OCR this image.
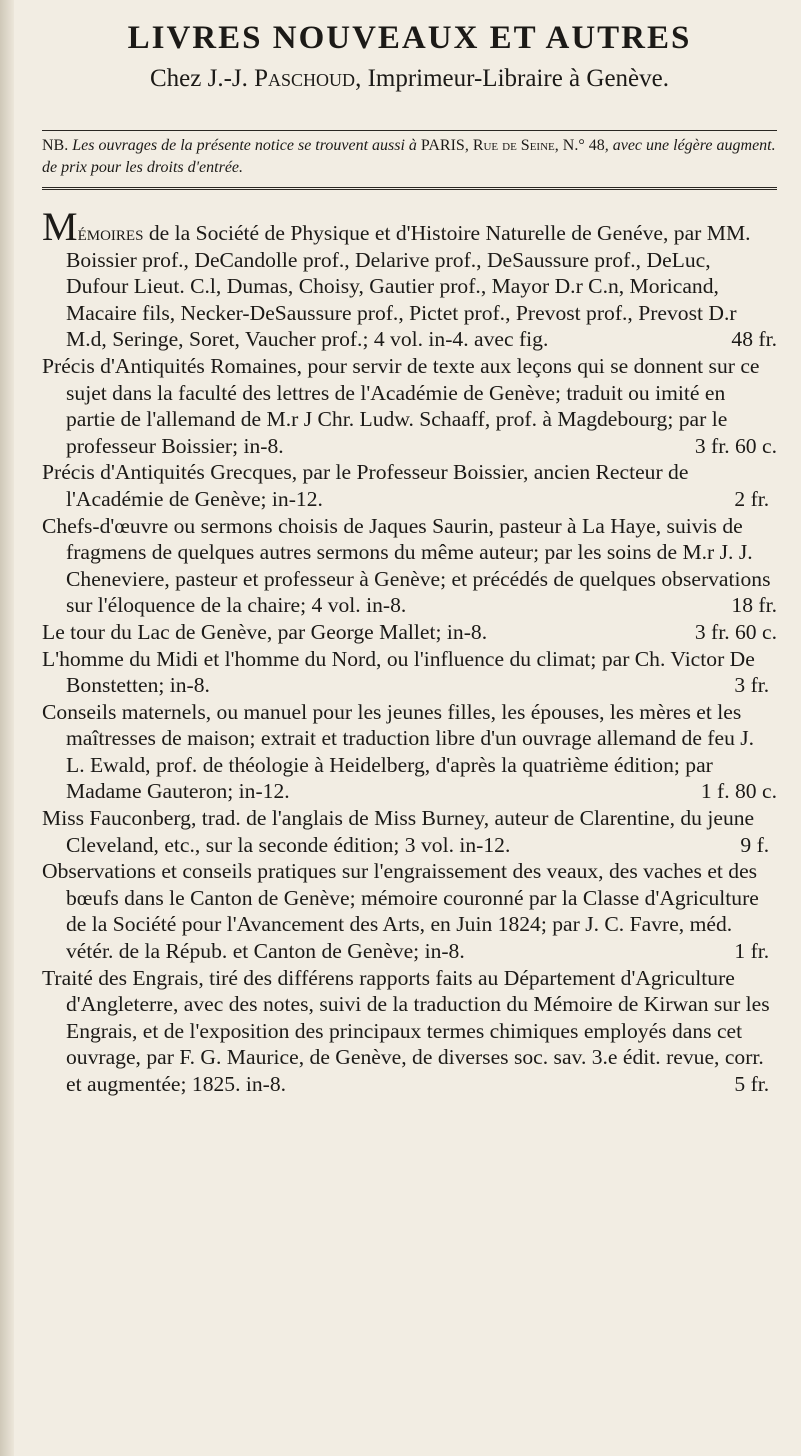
LIVRES NOUVEAUX ET AUTRES
Chez J.-J. Paschoud, Imprimeur-Libraire à Genève.
NB. Les ouvrages de la présente notice se trouvent aussi à PARIS, Rue de Seine, N.° 48, avec une légère augment. de prix pour les droits d'entrée.

Mémoires de la Société de Physique et d'Histoire Naturelle de Genéve, par MM. Boissier prof., DeCandolle prof., Delarive prof., DeSaussure prof., DeLuc, Dufour Lieut. C.l, Dumas, Choisy, Gautier prof., Mayor D.r C.n, Moricand, Macaire fils, Necker-DeSaussure prof., Pictet prof., Prevost prof., Prevost D.r M.d, Seringe, Soret, Vaucher prof.; 4 vol. in-4. avec fig.	48 fr.

Précis d'Antiquités Romaines, pour servir de texte aux leçons qui se donnent sur ce sujet dans la faculté des lettres de l'Académie de Genève; traduit ou imité en partie de l'allemand de M.r J Chr. Ludw. Schaaff, prof. à Magdebourg; par le professeur Boissier; in-8.	3 fr. 60 c.

Précis d'Antiquités Grecques, par le Professeur Boissier, ancien Recteur de l'Académie de Genève; in-12.	2 fr.

Chefs-d'œuvre ou sermons choisis de Jaques Saurin, pasteur à La Haye, suivis de fragmens de quelques autres sermons du même auteur; par les soins de M.r J. J. Cheneviere, pasteur et professeur à Genève; et précédés de quelques observations sur l'éloquence de la chaire; 4 vol. in-8.	18 fr.

Le tour du Lac de Genève, par George Mallet; in-8.	3 fr. 60 c.

L'homme du Midi et l'homme du Nord, ou l'influence du climat; par Ch. Victor De Bonstetten; in-8.	3 fr.

Conseils maternels, ou manuel pour les jeunes filles, les épouses, les mères et les maîtresses de maison; extrait et traduction libre d'un ouvrage allemand de feu J. L. Ewald, prof. de théologie à Heidelberg, d'après la quatrième édition; par Madame Gauteron; in-12.	1 f. 80 c.

Miss Fauconberg, trad. de l'anglais de Miss Burney, auteur de Clarentine, du jeune Cleveland, etc., sur la seconde édition; 3 vol. in-12.	9 f.

Observations et conseils pratiques sur l'engraissement des veaux, des vaches et des bœufs dans le Canton de Genève; mémoire couronné par la Classe d'Agriculture de la Société pour l'Avancement des Arts, en Juin 1824; par J. C. Favre, méd. vétér. de la Répub. et Canton de Genève; in-8.	1 fr.

Traité des Engrais, tiré des différens rapports faits au Département d'Agriculture d'Angleterre, avec des notes, suivi de la traduction du Mémoire de Kirwan sur les Engrais, et de l'exposition des principaux termes chimiques employés dans cet ouvrage, par F. G. Maurice, de Genève, de diverses soc. sav. 3.e édit. revue, corr. et augmentée; 1825. in-8.	5 fr.
